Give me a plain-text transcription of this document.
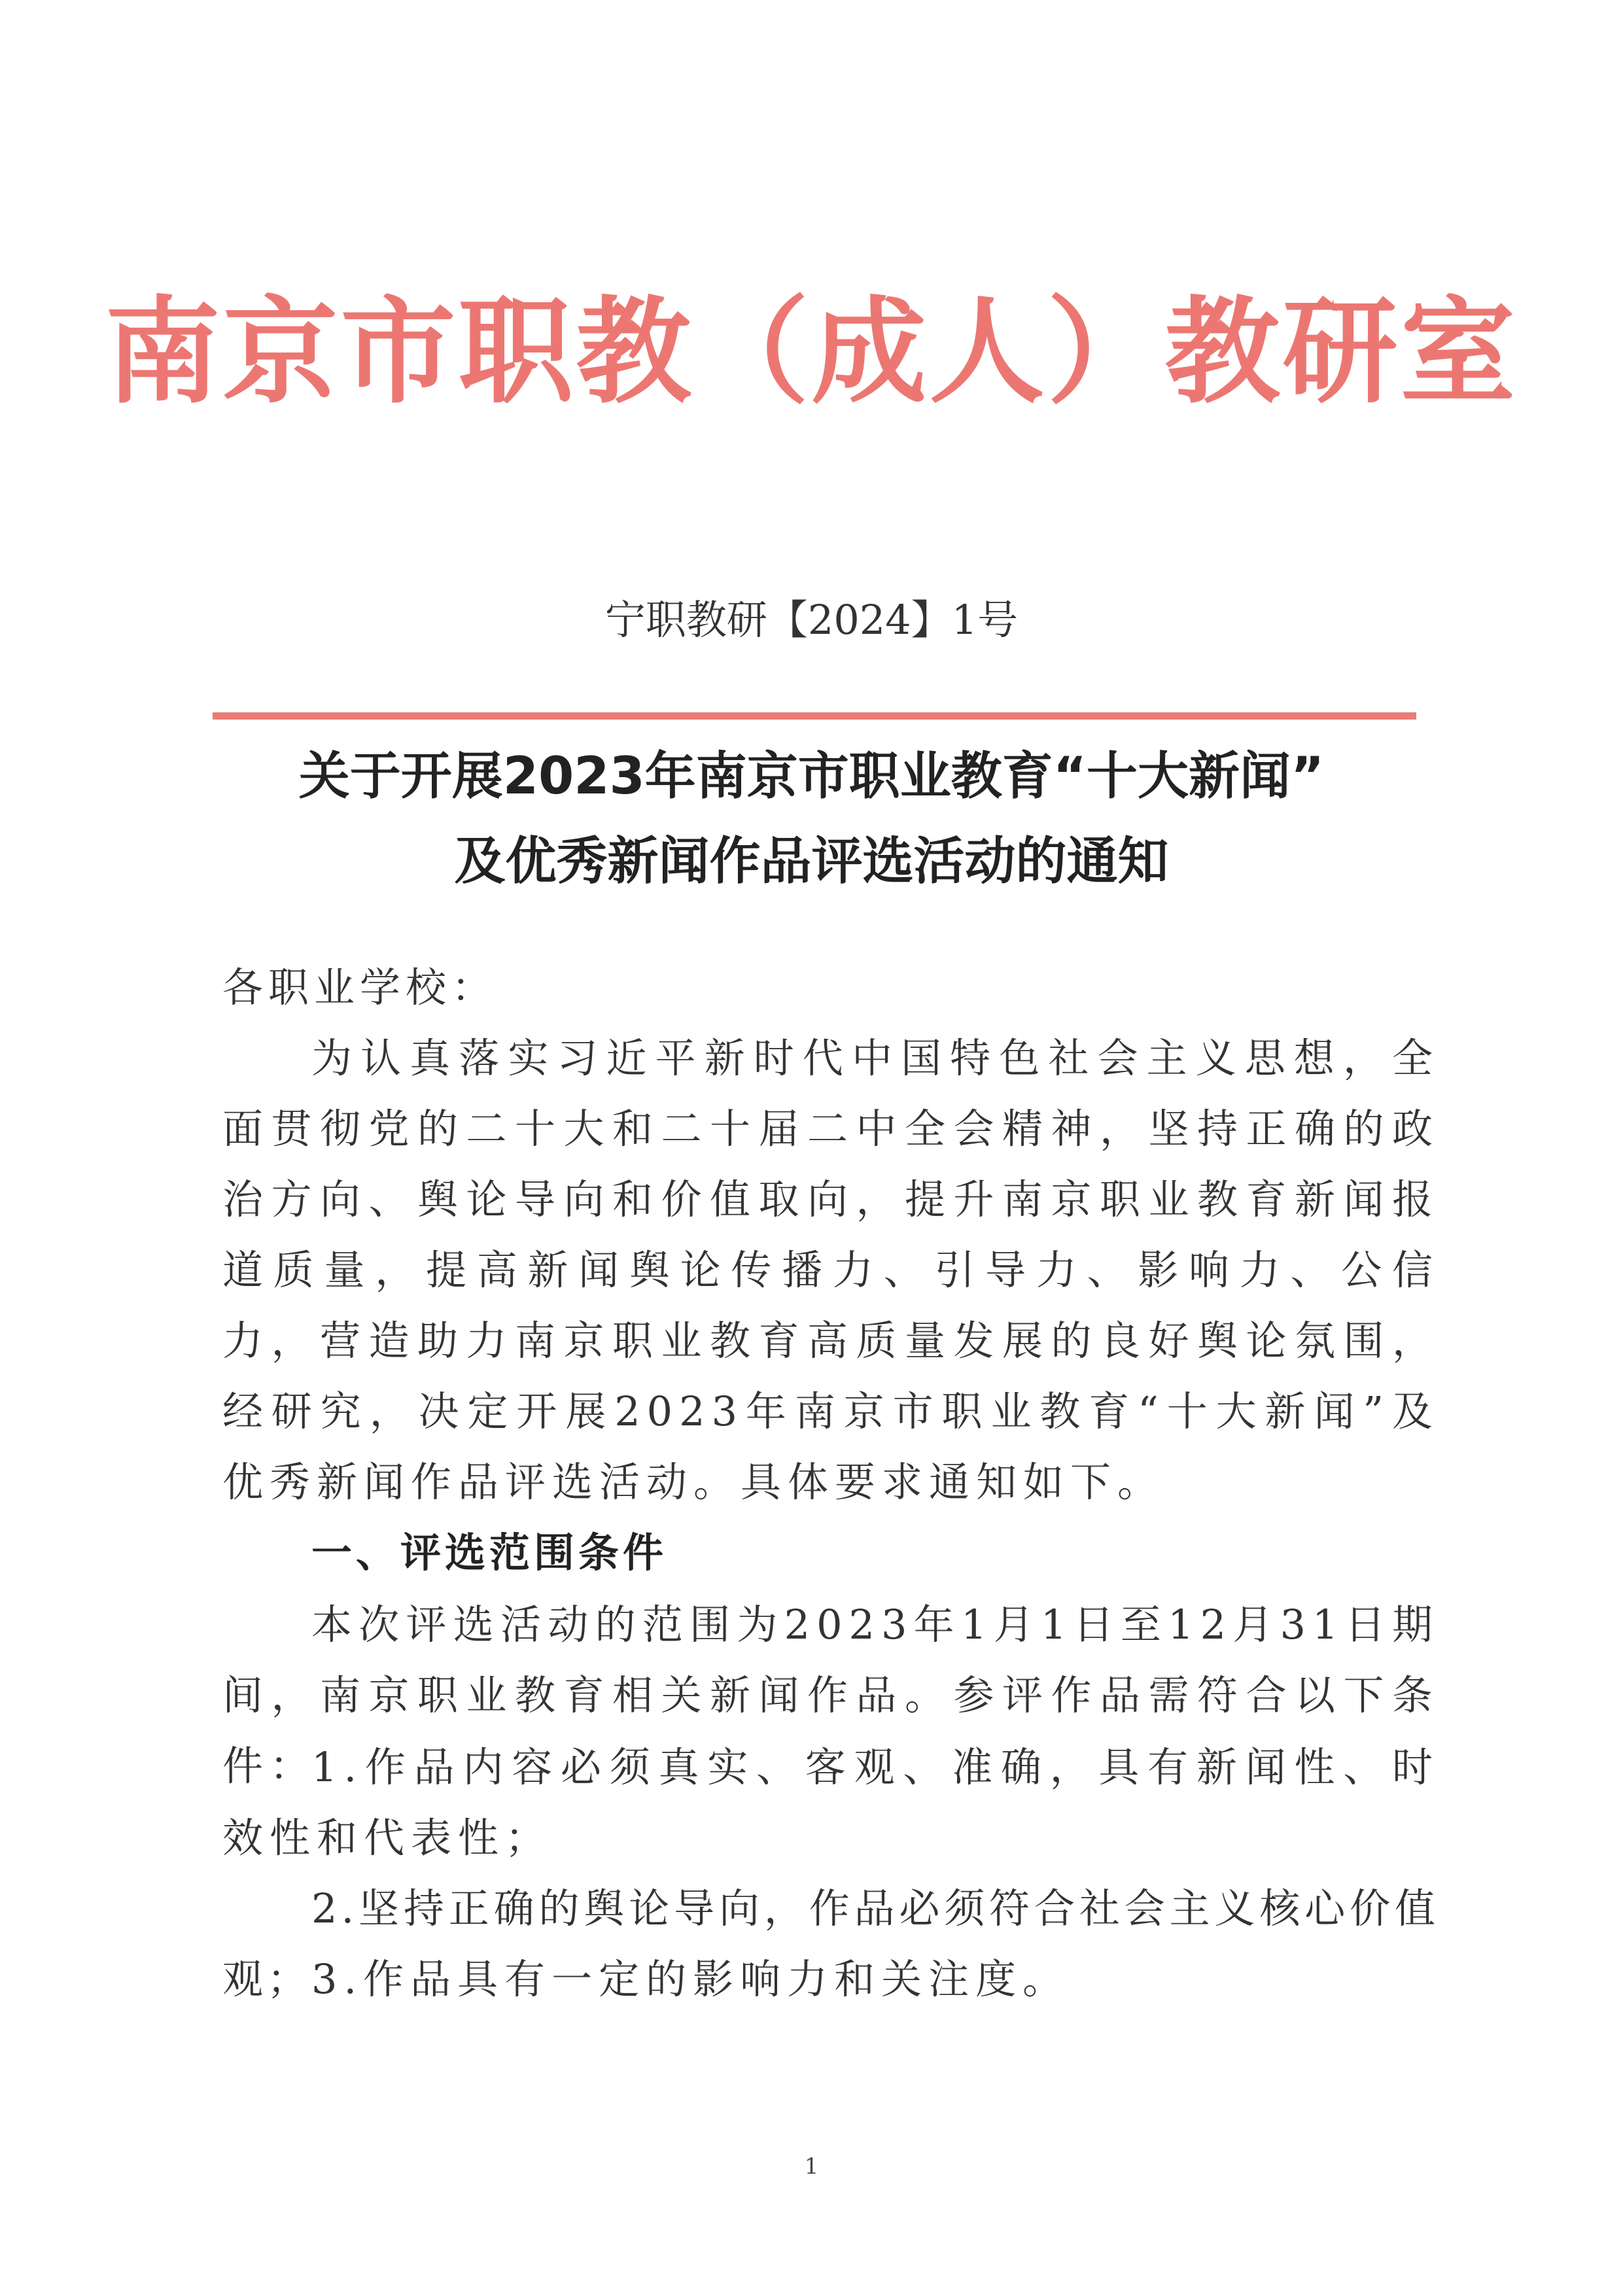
南京市职教（成人）教研室
宁职教研【2024】1号
关于开展2023年南京市职业教育“十大新闻”
及优秀新闻作品评选活动的通知
各职业学校：
为认真落实习近平新时代中国特色社会主义思想，全面贯彻党的二十大和二十届二中全会精神，坚持正确的政治方向、舆论导向和价值取向，提升南京职业教育新闻报道质量，提高新闻舆论传播力、引导力、影响力、公信力，营造助力南京职业教育高质量发展的良好舆论氛围，经研究，决定开展2023年南京市职业教育“十大新闻”及优秀新闻作品评选活动。具体要求通知如下。
一、评选范围条件
本次评选活动的范围为2023年1月1日至12月31日期间，南京职业教育相关新闻作品。参评作品需符合以下条件：
1.作品内容必须真实、客观、准确，具有新闻性、时效性和代表性；
2.坚持正确的舆论导向，作品必须符合社会主义核心价值观； 3.作品具有一定的影响力和关注度。
1
